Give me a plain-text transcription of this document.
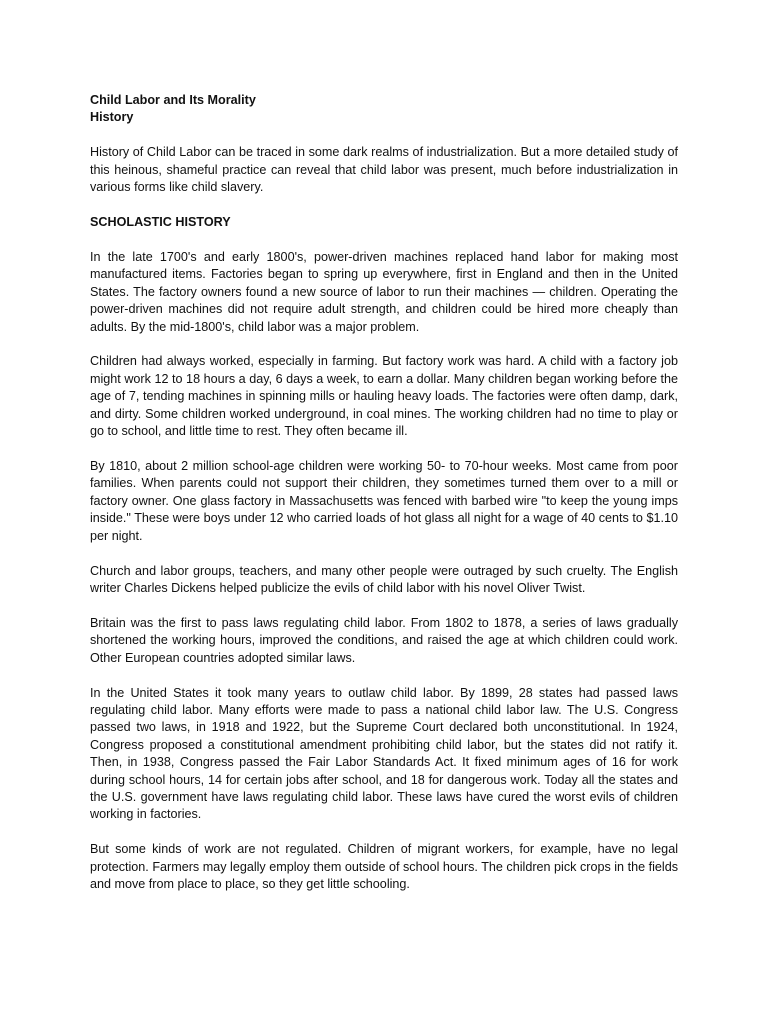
Child Labor and Its Morality

History

History of Child Labor can be traced in some dark realms of industrialization. But a more detailed study of this heinous, shameful practice can reveal that child labor was present, much before industrialization in various forms like child slavery.

SCHOLASTIC HISTORY

In the late 1700's and early 1800's, power-driven machines replaced hand labor for making most manufactured items. Factories began to spring up everywhere, first in England and then in the United States. The factory owners found a new source of labor to run their machines — children. Operating the power-driven machines did not require adult strength, and children could be hired more cheaply than adults. By the mid-1800's, child labor was a major problem.

Children had always worked, especially in farming. But factory work was hard. A child with a factory job might work 12 to 18 hours a day, 6 days a week, to earn a dollar. Many children began working before the age of 7, tending machines in spinning mills or hauling heavy loads. The factories were often damp, dark, and dirty. Some children worked underground, in coal mines. The working children had no time to play or go to school, and little time to rest. They often became ill.

By 1810, about 2 million school-age children were working 50- to 70-hour weeks. Most came from poor families. When parents could not support their children, they sometimes turned them over to a mill or factory owner. One glass factory in Massachusetts was fenced with barbed wire "to keep the young imps inside." These were boys under 12 who carried loads of hot glass all night for a wage of 40 cents to $1.10 per night.

Church and labor groups, teachers, and many other people were outraged by such cruelty. The English writer Charles Dickens helped publicize the evils of child labor with his novel Oliver Twist.

Britain was the first to pass laws regulating child labor. From 1802 to 1878, a series of laws gradually shortened the working hours, improved the conditions, and raised the age at which children could work. Other European countries adopted similar laws.

In the United States it took many years to outlaw child labor. By 1899, 28 states had passed laws regulating child labor. Many efforts were made to pass a national child labor law. The U.S. Congress passed two laws, in 1918 and 1922, but the Supreme Court declared both unconstitutional. In 1924, Congress proposed a constitutional amendment prohibiting child labor, but the states did not ratify it. Then, in 1938, Congress passed the Fair Labor Standards Act. It fixed minimum ages of 16 for work during school hours, 14 for certain jobs after school, and 18 for dangerous work. Today all the states and the U.S. government have laws regulating child labor. These laws have cured the worst evils of children working in factories.

But some kinds of work are not regulated. Children of migrant workers, for example, have no legal protection. Farmers may legally employ them outside of school hours. The children pick crops in the fields and move from place to place, so they get little schooling.
